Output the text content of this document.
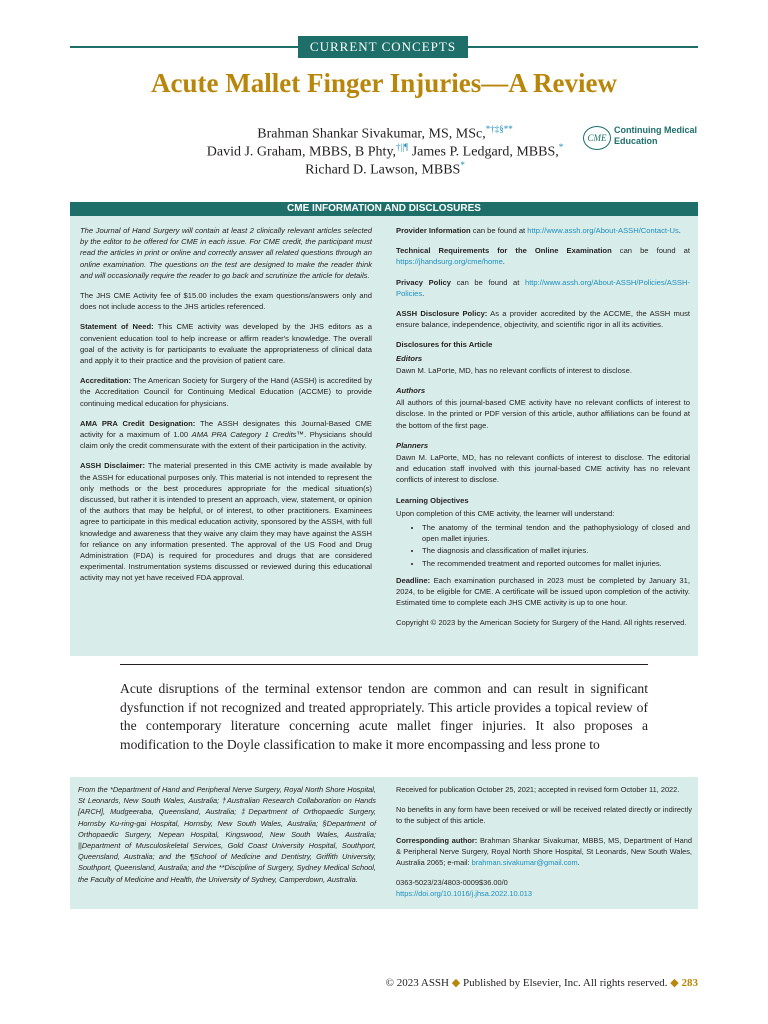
CURRENT CONCEPTS
Acute Mallet Finger Injuries—A Review
Brahman Shankar Sivakumar, MS, MSc,*†‡§**
David J. Graham, MBBS, B Phty,†||¶ James P. Ledgard, MBBS,*
Richard D. Lawson, MBBS*
CME
Continuing Medical
Education
CME INFORMATION AND DISCLOSURES

The Journal of Hand Surgery will contain at least 2 clinically relevant articles selected by the editor to be offered for CME in each issue. For CME credit, the participant must read the articles in print or online and correctly answer all related questions through an online examination. The questions on the test are designed to make the reader think and will occasionally require the reader to go back and scrutinize the article for details.

The JHS CME Activity fee of $15.00 includes the exam questions/answers only and does not include access to the JHS articles referenced.

Statement of Need: This CME activity was developed by the JHS editors as a convenient education tool to help increase or affirm reader's knowledge. The overall goal of the activity is for participants to evaluate the appropriateness of clinical data and apply it to their practice and the provision of patient care.

Accreditation: The American Society for Surgery of the Hand (ASSH) is accredited by the Accreditation Council for Continuing Medical Education (ACCME) to provide continuing medical education for physicians.

AMA PRA Credit Designation: The ASSH designates this Journal-Based CME activity for a maximum of 1.00 AMA PRA Category 1 Credits™. Physicians should claim only the credit commensurate with the extent of their participation in the activity.

ASSH Disclaimer: The material presented in this CME activity is made available by the ASSH for educational purposes only. This material is not intended to represent the only methods or the best procedures appropriate for the medical situation(s) discussed, but rather it is intended to present an approach, view, statement, or opinion of the authors that may be helpful, or of interest, to other practitioners. Examinees agree to participate in this medical education activity, sponsored by the ASSH, with full knowledge and awareness that they waive any claim they may have against the ASSH for reliance on any information presented. The approval of the US Food and Drug Administration (FDA) is required for procedures and drugs that are considered experimental. Instrumentation systems discussed or reviewed during this educational activity may not yet have received FDA approval.

Provider Information can be found at http://www.assh.org/About-ASSH/Contact-Us.

Technical Requirements for the Online Examination can be found at https://jhandsurg.org/cme/home.

Privacy Policy can be found at http://www.assh.org/About-ASSH/Policies/ASSH-Policies.

ASSH Disclosure Policy: As a provider accredited by the ACCME, the ASSH must ensure balance, independence, objectivity, and scientific rigor in all its activities.

Disclosures for this Article

Editors

Dawn M. LaPorte, MD, has no relevant conflicts of interest to disclose.

Authors

All authors of this journal-based CME activity have no relevant conflicts of interest to disclose. In the printed or PDF version of this article, author affiliations can be found at the bottom of the first page.

Planners

Dawn M. LaPorte, MD, has no relevant conflicts of interest to disclose. The editorial and education staff involved with this journal-based CME activity has no relevant conflicts of interest to disclose.

Learning Objectives

Upon completion of this CME activity, the learner will understand:

• The anatomy of the terminal tendon and the pathophysiology of closed and open mallet injuries.
• The diagnosis and classification of mallet injuries.
• The recommended treatment and reported outcomes for mallet injuries.

Deadline: Each examination purchased in 2023 must be completed by January 31, 2024, to be eligible for CME. A certificate will be issued upon completion of the activity. Estimated time to complete each JHS CME activity is up to one hour.

Copyright © 2023 by the American Society for Surgery of the Hand. All rights reserved.

Acute disruptions of the terminal extensor tendon are common and can result in significant dysfunction if not recognized and treated appropriately. This article provides a topical review of the contemporary literature concerning acute mallet finger injuries. It also proposes a modification to the Doyle classification to make it more encompassing and less prone to
From the *Department of Hand and Peripheral Nerve Surgery, Royal North Shore Hospital, St Leonards, New South Wales, Australia; †Australian Research Collaboration on Hands [ARCH], Mudgeeraba, Queensland, Australia; ‡Department of Orthopaedic Surgery, Hornsby Ku-ring-gai Hospital, Hornsby, New South Wales, Australia; §Department of Orthopaedic Surgery, Nepean Hospital, Kingswood, New South Wales, Australia; ||Department of Musculoskeletal Services, Gold Coast University Hospital, Southport, Queensland, Australia; and the ¶School of Medicine and Dentistry, Griffith University, Southport, Queensland, Australia; and the **Discipline of Surgery, Sydney Medical School, the Faculty of Medicine and Health, the University of Sydney, Camperdown, Australia.

Received for publication October 25, 2021; accepted in revised form October 11, 2022.

No benefits in any form have been received or will be received related directly or indirectly to the subject of this article.

Corresponding author: Brahman Shankar Sivakumar, MBBS, MS, Department of Hand & Peripheral Nerve Surgery, Royal North Shore Hospital, St Leonards, New South Wales, Australia 2065; e-mail: brahman.sivakumar@gmail.com.

0363-5023/23/4803-0009$36.00/0

https://doi.org/10.1016/j.jhsa.2022.10.013

© 2023 ASSH ◆ Published by Elsevier, Inc. All rights reserved. ◆ 283
